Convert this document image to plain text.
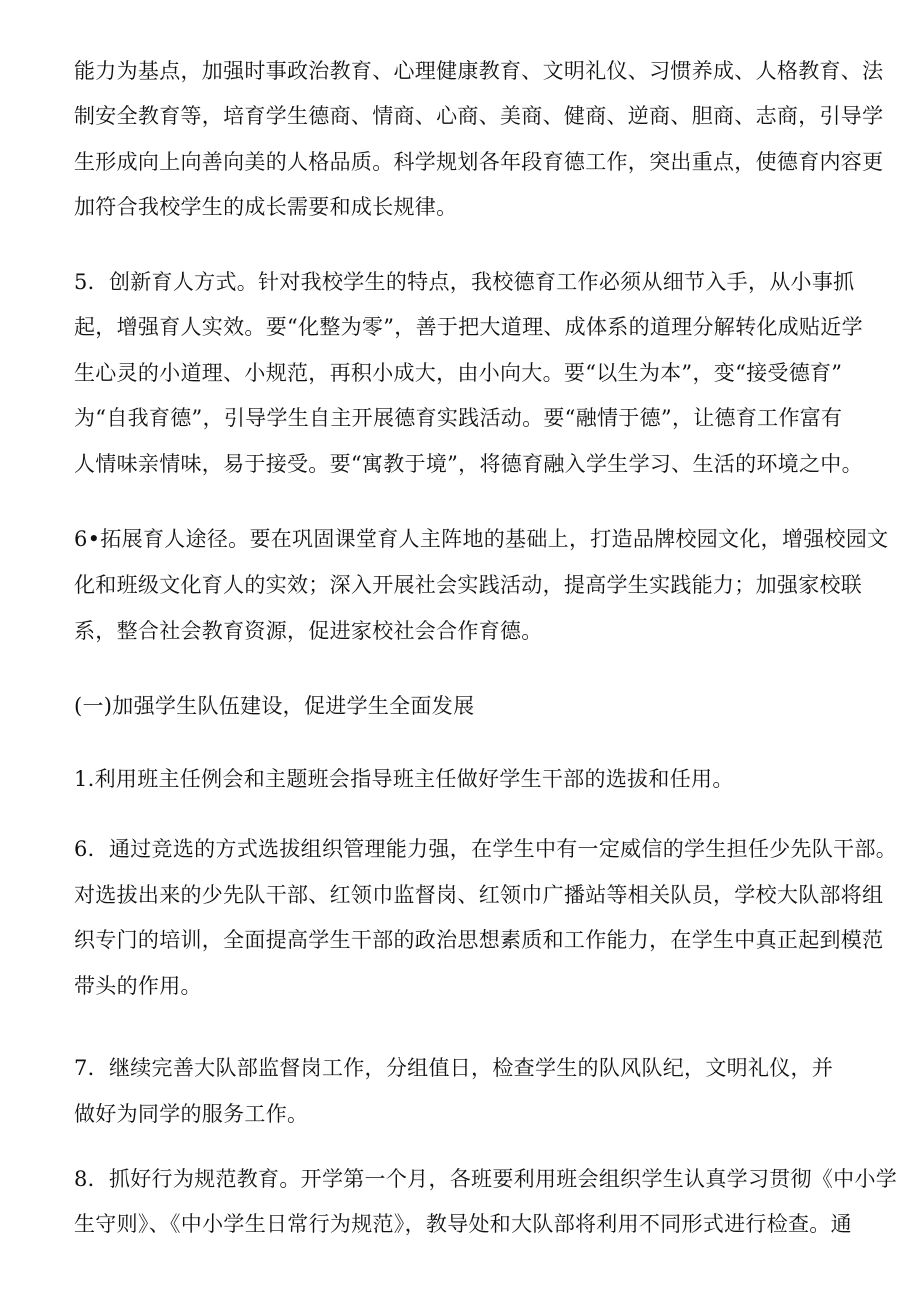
能力为基点，加强时事政治教育、心理健康教育、文明礼仪、习惯养成、人格教育、法
制安全教育等，培育学生德商、情商、心商、美商、健商、逆商、胆商、志商，引导学
生形成向上向善向美的人格品质。科学规划各年段育德工作，突出重点，使德育内容更
加符合我校学生的成长需要和成长规律。
5．创新育人方式。针对我校学生的特点，我校德育工作必须从细节入手，从小事抓
起，增强育人实效。要“化整为零”，善于把大道理、成体系的道理分解转化成贴近学
生心灵的小道理、小规范，再积小成大，由小向大。要“以生为本”，变“接受德育”
为“自我育德”，引导学生自主开展德育实践活动。要“融情于德”，让德育工作富有
人情味亲情味，易于接受。要“寓教于境”，将德育融入学生学习、生活的环境之中。
6•拓展育人途径。要在巩固课堂育人主阵地的基础上，打造品牌校园文化，增强校园文
化和班级文化育人的实效；深入开展社会实践活动，提高学生实践能力；加强家校联
系，整合社会教育资源，促进家校社会合作育德。
(一)加强学生队伍建设，促进学生全面发展
1.利用班主任例会和主题班会指导班主任做好学生干部的选拔和任用。
6．通过竞选的方式选拔组织管理能力强，在学生中有一定威信的学生担任少先队干部。
对选拔出来的少先队干部、红领巾监督岗、红领巾广播站等相关队员，学校大队部将组
织专门的培训，全面提高学生干部的政治思想素质和工作能力，在学生中真正起到模范
带头的作用。
7．继续完善大队部监督岗工作，分组值日，检查学生的队风队纪，文明礼仪，并
做好为同学的服务工作。
8．抓好行为规范教育。开学第一个月，各班要利用班会组织学生认真学习贯彻《中小学
生守则》、《中小学生日常行为规范》，教导处和大队部将利用不同形式进行检查。通
